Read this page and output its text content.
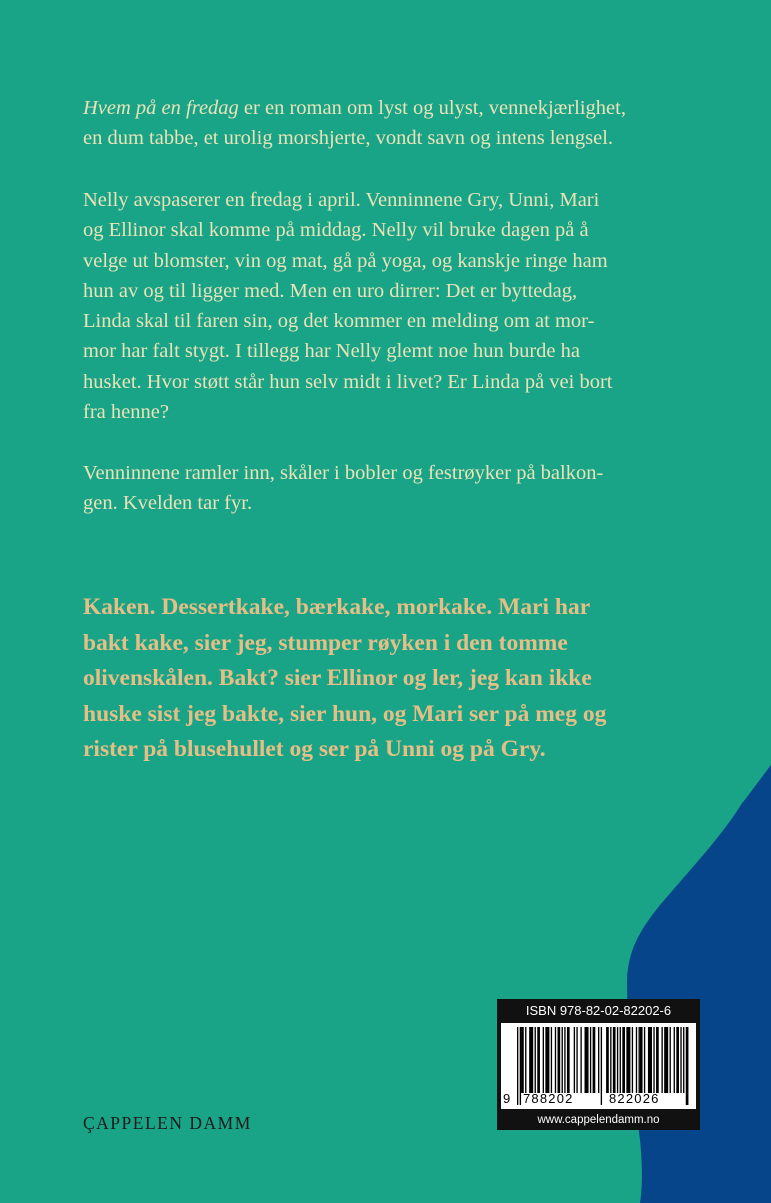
Hvem på en fredag er en roman om lyst og ulyst, vennekjærlighet,
en dum tabbe, et urolig morshjerte, vondt savn og intens lengsel.

Nelly avspaserer en fredag i april. Venninnene Gry, Unni, Mari
og Ellinor skal komme på middag. Nelly vil bruke dagen på å
velge ut blomster, vin og mat, gå på yoga, og kanskje ringe ham
hun av og til ligger med. Men en uro dirrer: Det er byttedag,
Linda skal til faren sin, og det kommer en melding om at mor-
mor har falt stygt. I tillegg har Nelly glemt noe hun burde ha
husket. Hvor støtt står hun selv midt i livet? Er Linda på vei bort
fra henne?

Venninnene ramler inn, skåler i bobler og festrøyker på balkon-
gen. Kvelden tar fyr.

Kaken. Dessertkake, bærkake, morkake. Mari har
bakt kake, sier jeg, stumper røyken i den tomme
olivenskålen. Bakt? sier Ellinor og ler, jeg kan ikke
huske sist jeg bakte, sier hun, og Mari ser på meg og
rister på blusehullet og ser på Unni og på Gry.

ÇAPPELEN DAMM
ISBN 978-82-02-82202-6
9 788202	822026
www.cappelendamm.no
